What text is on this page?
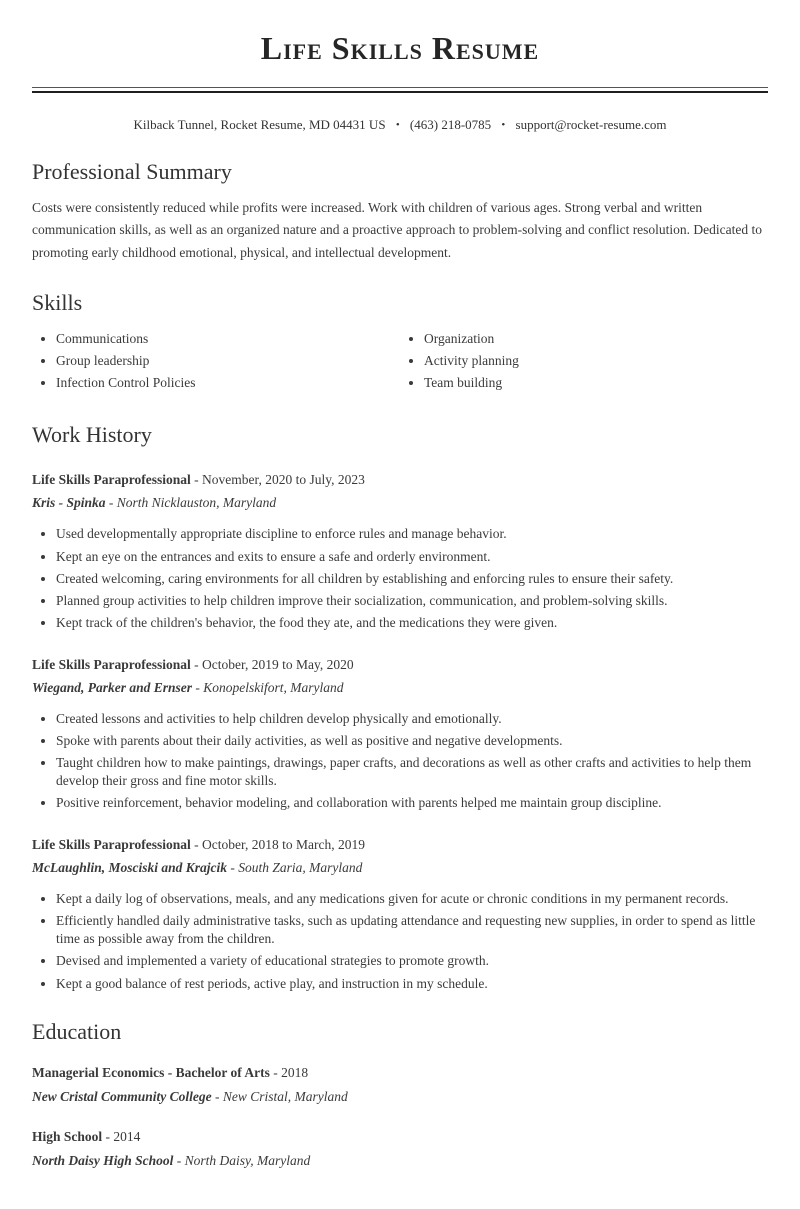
Life Skills Resume
Kilback Tunnel, Rocket Resume, MD 04431 US • (463) 218-0785 • support@rocket-resume.com
Professional Summary

Costs were consistently reduced while profits were increased. Work with children of various ages. Strong verbal and written communication skills, as well as an organized nature and a proactive approach to problem-solving and conflict resolution. Dedicated to promoting early childhood emotional, physical, and intellectual development.

Skills
• Communications
• Group leadership
• Infection Control Policies
• Organization
• Activity planning
• Team building
Work History

Life Skills Paraprofessional - November, 2020 to July, 2023

Kris - Spinka - North Nicklauston, Maryland

• Used developmentally appropriate discipline to enforce rules and manage behavior.
• Kept an eye on the entrances and exits to ensure a safe and orderly environment.
• Created welcoming, caring environments for all children by establishing and enforcing rules to ensure their safety.
• Planned group activities to help children improve their socialization, communication, and problem-solving skills.
• Kept track of the children's behavior, the food they ate, and the medications they were given.

Life Skills Paraprofessional - October, 2019 to May, 2020

Wiegand, Parker and Ernser - Konopelskifort, Maryland

• Created lessons and activities to help children develop physically and emotionally.
• Spoke with parents about their daily activities, as well as positive and negative developments.
• Taught children how to make paintings, drawings, paper crafts, and decorations as well as other crafts and activities to help them develop their gross and fine motor skills.
• Positive reinforcement, behavior modeling, and collaboration with parents helped me maintain group discipline.

Life Skills Paraprofessional - October, 2018 to March, 2019

McLaughlin, Mosciski and Krajcik - South Zaria, Maryland

• Kept a daily log of observations, meals, and any medications given for acute or chronic conditions in my permanent records.
• Efficiently handled daily administrative tasks, such as updating attendance and requesting new supplies, in order to spend as little time as possible away from the children.
• Devised and implemented a variety of educational strategies to promote growth.
• Kept a good balance of rest periods, active play, and instruction in my schedule.
Education

Managerial Economics - Bachelor of Arts - 2018

New Cristal Community College - New Cristal, Maryland

High School - 2014

North Daisy High School - North Daisy, Maryland
